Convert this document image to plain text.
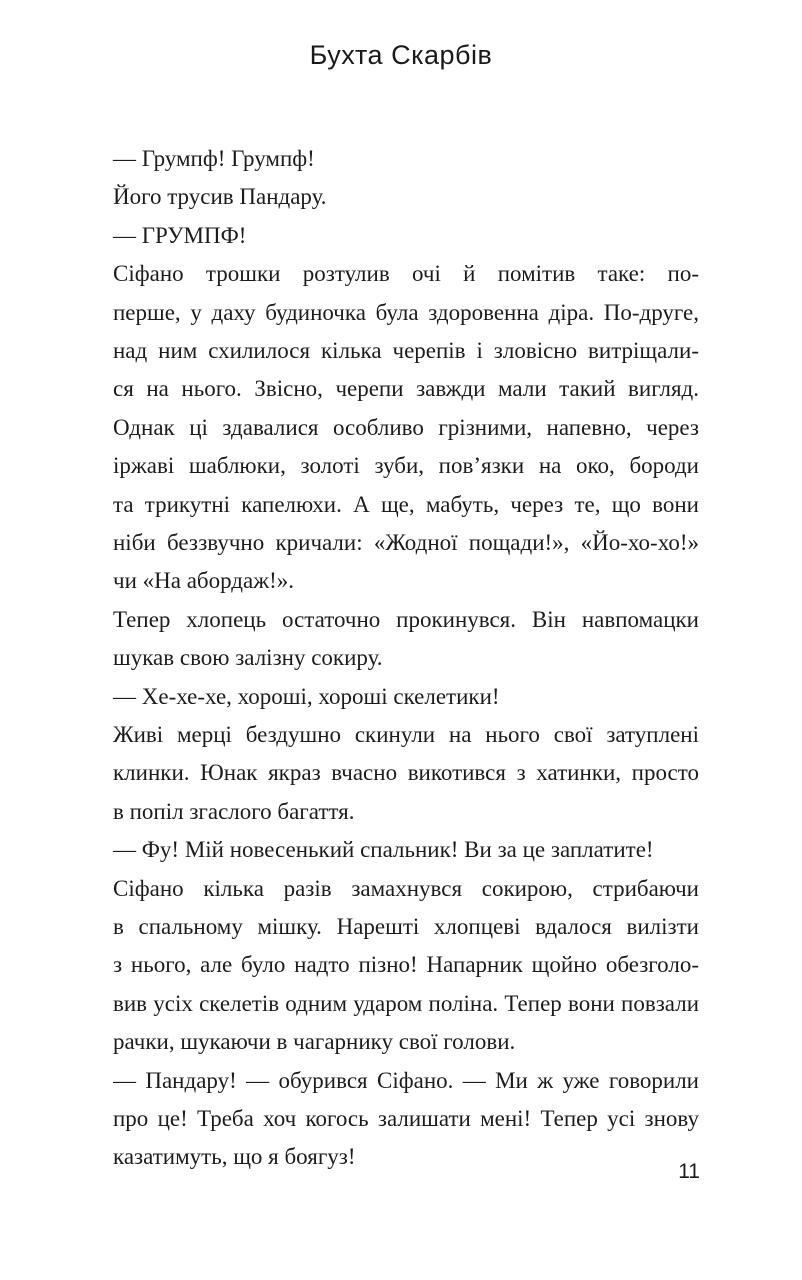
Бухта Скарбів
— Грумпф! Грумпф!
Його трусив Пандару.
— ГРУМПФ!
Сіфано трошки розтулив очі й помітив таке: по-
перше, у даху будиночка була здоровенна діра. По-друге,
над ним схилилося кілька черепів і зловісно витріщали-
ся на нього. Звісно, черепи завжди мали такий вигляд.
Однак ці здавалися особливо грізними, напевно, через
іржаві шаблюки, золоті зуби, пов’язки на око, бороди
та трикутні капелюхи. А ще, мабуть, через те, що вони
ніби беззвучно кричали: «Жодної пощади!», «Йо-хо-хо!»
чи «На абордаж!».
Тепер хлопець остаточно прокинувся. Він навпомацки
шукав свою залізну сокиру.
— Хе-хе-хе, хороші, хороші скелетики!
Живі мерці бездушно скинули на нього свої затуплені
клинки. Юнак якраз вчасно викотився з хатинки, просто
в попіл згаслого багаття.
— Фу! Мій новесенький спальник! Ви за це заплатите!
Сіфано кілька разів замахнувся сокирою, стрибаючи
в спальному мішку. Нарешті хлопцеві вдалося вилізти
з нього, але було надто пізно! Напарник щойно обезголо-
вив усіх скелетів одним ударом поліна. Тепер вони повзали
рачки, шукаючи в чагарнику свої голови.
— Пандару! — обурився Сіфано. — Ми ж уже говорили
про це! Треба хоч когось залишати мені! Тепер усі знову
казатимуть, що я боягуз!
11
